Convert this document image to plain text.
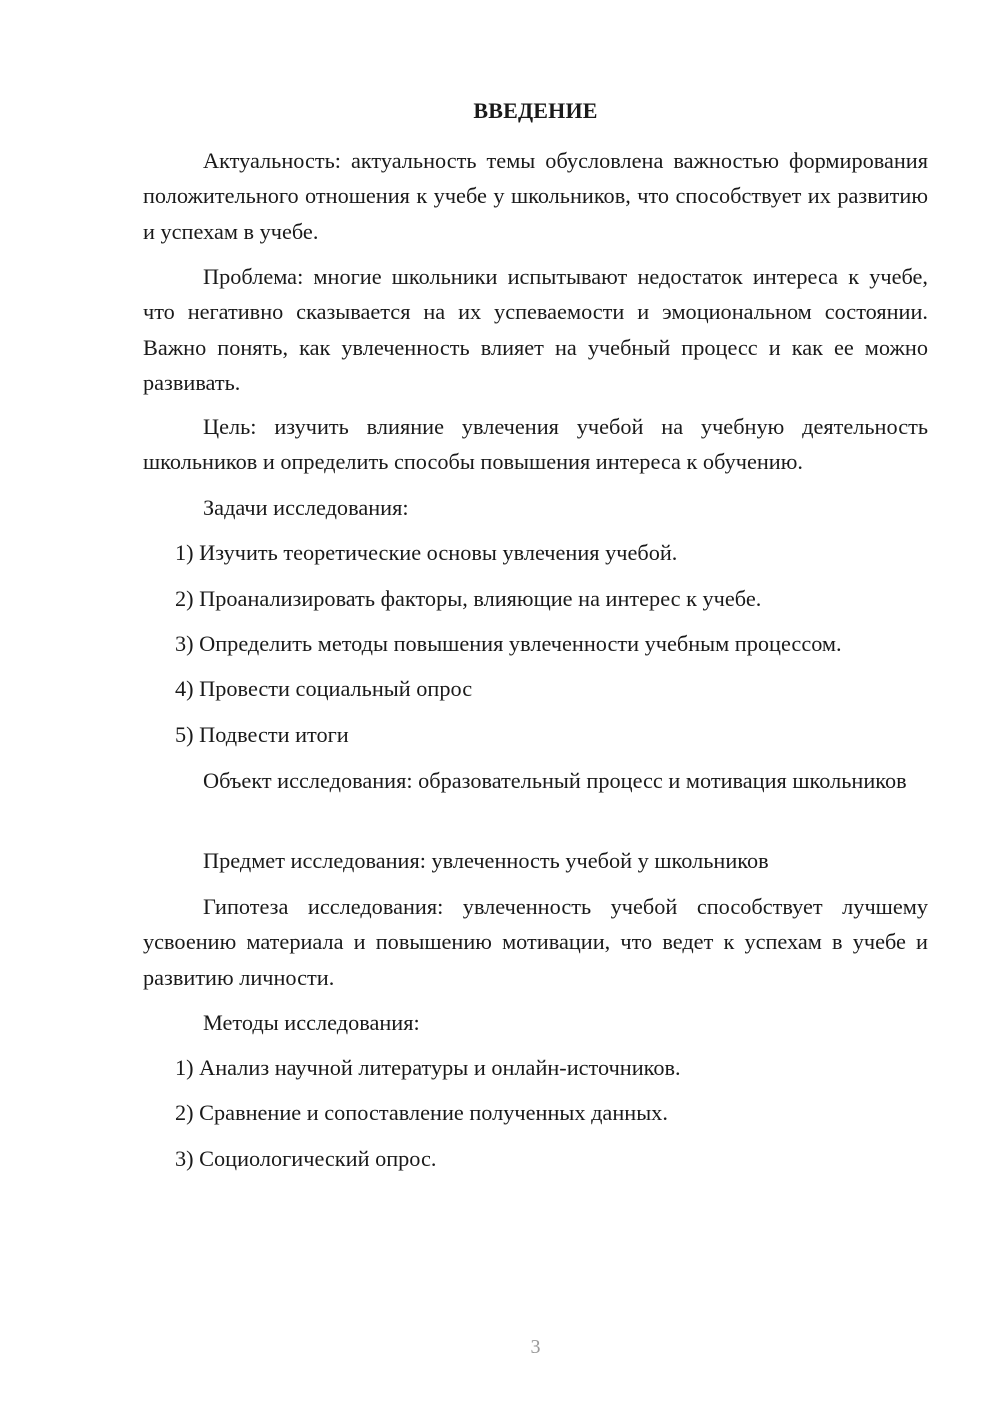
ВВЕДЕНИЕ

Актуальность: актуальность темы обусловлена важностью формирования положительного отношения к учебе у школьников, что способствует их развитию и успехам в учебе.

Проблема: многие школьники испытывают недостаток интереса к учебе, что негативно сказывается на их успеваемости и эмоциональном состоянии. Важно понять, как увлеченность влияет на учебный процесс и как ее можно развивать.

Цель: изучить влияние увлечения учебой на учебную деятельность школьников и определить способы повышения интереса к обучению.

Задачи исследования:

1) Изучить теоретические основы увлечения учебой.

2) Проанализировать факторы, влияющие на интерес к учебе.

3) Определить методы повышения увлеченности учебным процессом.

4) Провести социальный опрос

5) Подвести итоги

Объект исследования: образовательный процесс и мотивация школьников

Предмет исследования: увлеченность учебой у школьников

Гипотеза исследования: увлеченность учебой способствует лучшему усвоению материала и повышению мотивации, что ведет к успехам в учебе и развитию личности.

Методы исследования:

1) Анализ научной литературы и онлайн-источников.

2) Сравнение и сопоставление полученных данных.

3) Социологический опрос.

3
